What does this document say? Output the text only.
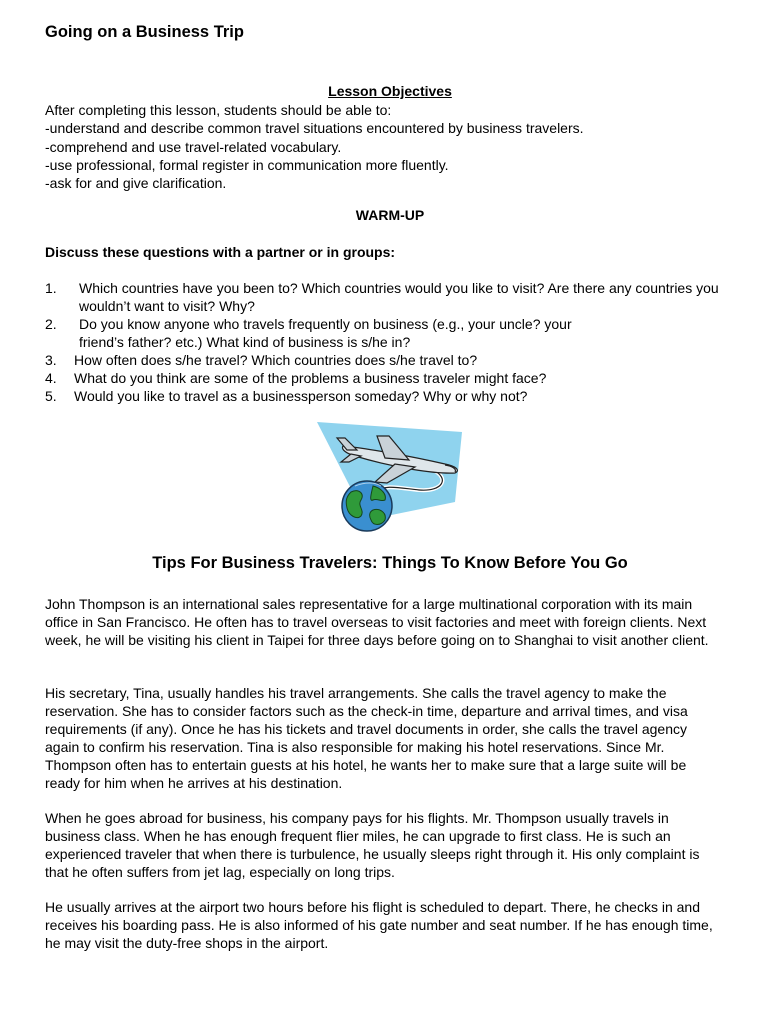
Going on a Business Trip
Lesson Objectives
After completing this lesson, students should be able to:
-understand and describe common travel situations encountered by business travelers.
-comprehend and use travel-related vocabulary.
-use professional, formal register in communication more fluently.
-ask for and give clarification.
WARM-UP
Discuss these questions with a partner or in groups:
1.	Which countries have you been to? Which countries would you like to visit? Are there any countries you wouldn’t want to visit? Why?
2.	Do you know anyone who travels frequently on business (e.g., your uncle? your friend’s father? etc.) What kind of business is s/he in?
3.	How often does s/he travel? Which countries does s/he travel to?
4.	What do you think are some of the problems a business traveler might face?
5.	Would you like to travel as a businessperson someday? Why or why not?
Tips For Business Travelers: Things To Know Before You Go
John Thompson is an international sales representative for a large multinational corporation with its main office in San Francisco. He often has to travel overseas to visit factories and meet with foreign clients. Next week, he will be visiting his client in Taipei for three days before going on to Shanghai to visit another client.
His secretary, Tina, usually handles his travel arrangements. She calls the travel agency to make the reservation. She has to consider factors such as the check-in time, departure and arrival times, and visa requirements (if any). Once he has his tickets and travel documents in order, she calls the travel agency again to confirm his reservation. Tina is also responsible for making his hotel reservations. Since Mr. Thompson often has to entertain guests at his hotel, he wants her to make sure that a large suite will be ready for him when he arrives at his destination.
When he goes abroad for business, his company pays for his flights. Mr. Thompson usually travels in business class. When he has enough frequent flier miles, he can upgrade to first class. He is such an experienced traveler that when there is turbulence, he usually sleeps right through it. His only complaint is that he often suffers from jet lag, especially on long trips.
He usually arrives at the airport two hours before his flight is scheduled to depart. There, he checks in and receives his boarding pass. He is also informed of his gate number and seat number. If he has enough time, he may visit the duty-free shops in the airport.
